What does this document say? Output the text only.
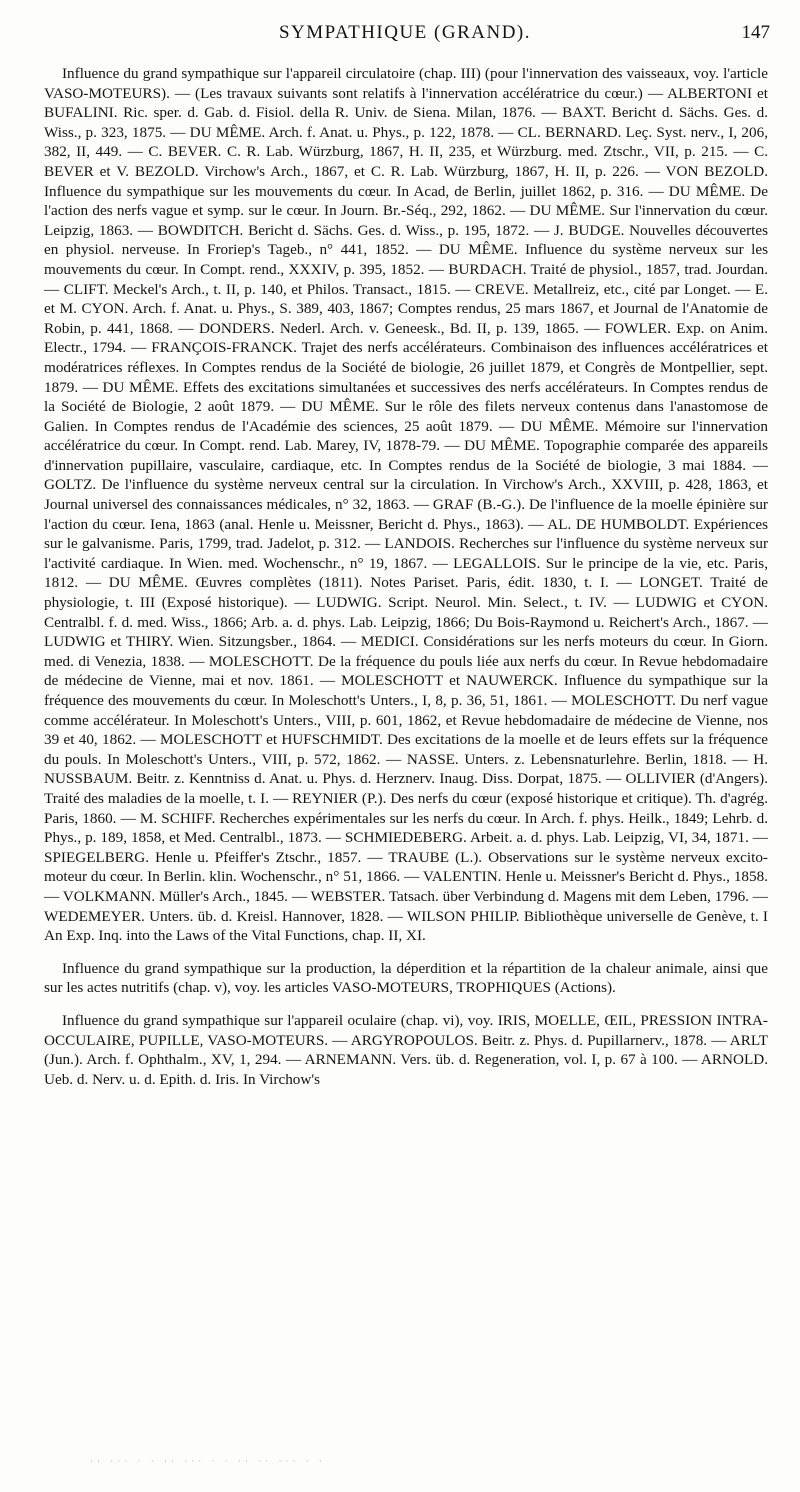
SYMPATHIQUE (GRAND).	147

Influence du grand sympathique sur l'appareil circulatoire (chap. III) (pour l'innervation des vaisseaux, voy. l'article VASO-MOTEURS). — (Les travaux suivants sont relatifs à l'innervation accélératrice du cœur.) — ALBERTONI et BUFALINI. Ric. sper. d. Gab. d. Fisiol. della R. Univ. de Siena. Milan, 1876. — BAXT. Bericht d. Sächs. Ges. d. Wiss., p. 323, 1875. — DU MÊME. Arch. f. Anat. u. Phys., p. 122, 1878. — CL. BERNARD. Leç. Syst. nerv., I, 206, 382, II, 449. — C. BEVER. C. R. Lab. Würzburg, 1867, H. II, 235, et Würzburg. med. Ztschr., VII, p. 215. — C. BEVER et V. BEZOLD. Virchow's Arch., 1867, et C. R. Lab. Würzburg, 1867, H. II, p. 226. — VON BEZOLD. Influence du sympathique sur les mouvements du cœur. In Acad, de Berlin, juillet 1862, p. 316. — DU MÊME. De l'action des nerfs vague et symp. sur le cœur. In Journ. Br.-Séq., 292, 1862. — DU MÊME. Sur l'innervation du cœur. Leipzig, 1863. — BOWDITCH. Bericht d. Sächs. Ges. d. Wiss., p. 195, 1872. — J. BUDGE. Nouvelles découvertes en physiol. nerveuse. In Froriep's Tageb., n° 441, 1852. — DU MÊME. Influence du système nerveux sur les mouvements du cœur. In Compt. rend., XXXIV, p. 395, 1852. — BURDACH. Traité de physiol., 1857, trad. Jourdan. — CLIFT. Meckel's Arch., t. II, p. 140, et Philos. Transact., 1815. — CREVE. Metallreiz, etc., cité par Longet. — E. et M. CYON. Arch. f. Anat. u. Phys., S. 389, 403, 1867; Comptes rendus, 25 mars 1867, et Journal de l'Anatomie de Robin, p. 441, 1868. — DONDERS. Nederl. Arch. v. Geneesk., Bd. II, p. 139, 1865. — FOWLER. Exp. on Anim. Electr., 1794. — FRANÇOIS-FRANCK. Trajet des nerfs accélérateurs. Combinaison des influences accélératrices et modératrices réflexes. In Comptes rendus de la Société de biologie, 26 juillet 1879, et Congrès de Montpellier, sept. 1879. — DU MÊME. Effets des excitations simultanées et successives des nerfs accélérateurs. In Comptes rendus de la Société de Biologie, 2 août 1879. — DU MÊME. Sur le rôle des filets nerveux contenus dans l'anastomose de Galien. In Comptes rendus de l'Académie des sciences, 25 août 1879. — DU MÊME. Mémoire sur l'innervation accélératrice du cœur. In Compt. rend. Lab. Marey, IV, 1878-79. — DU MÊME. Topographie comparée des appareils d'innervation pupillaire, vasculaire, cardiaque, etc. In Comptes rendus de la Société de biologie, 3 mai 1884. — GOLTZ. De l'influence du système nerveux central sur la circulation. In Virchow's Arch., XXVIII, p. 428, 1863, et Journal universel des connaissances médicales, n° 32, 1863. — GRAF (B.-G.). De l'influence de la moelle épinière sur l'action du cœur. Iena, 1863 (anal. Henle u. Meissner, Bericht d. Phys., 1863). — AL. DE HUMBOLDT. Expériences sur le galvanisme. Paris, 1799, trad. Jadelot, p. 312. — LANDOIS. Recherches sur l'influence du système nerveux sur l'activité cardiaque. In Wien. med. Wochenschr., n° 19, 1867. — LEGALLOIS. Sur le principe de la vie, etc. Paris, 1812. — DU MÊME. Œuvres complètes (1811). Notes Pariset. Paris, édit. 1830, t. I. — LONGET. Traité de physiologie, t. III (Exposé historique). — LUDWIG. Script. Neurol. Min. Select., t. IV. — LUDWIG et CYON. Centralbl. f. d. med. Wiss., 1866; Arb. a. d. phys. Lab. Leipzig, 1866; Du Bois-Raymond u. Reichert's Arch., 1867. — LUDWIG et THIRY. Wien. Sitzungsber., 1864. — MEDICI. Considérations sur les nerfs moteurs du cœur. In Giorn. med. di Venezia, 1838. — MOLESCHOTT. De la fréquence du pouls liée aux nerfs du cœur. In Revue hebdomadaire de médecine de Vienne, mai et nov. 1861. — MOLESCHOTT et NAUWERCK. Influence du sympathique sur la fréquence des mouvements du cœur. In Moleschott's Unters., I, 8, p. 36, 51, 1861. — MOLESCHOTT. Du nerf vague comme accélérateur. In Moleschott's Unters., VIII, p. 601, 1862, et Revue hebdomadaire de médecine de Vienne, nos 39 et 40, 1862. — MOLESCHOTT et HUFSCHMIDT. Des excitations de la moelle et de leurs effets sur la fréquence du pouls. In Moleschott's Unters., VIII, p. 572, 1862. — NASSE. Unters. z. Lebensnaturlehre. Berlin, 1818. — H. NUSSBAUM. Beitr. z. Kenntniss d. Anat. u. Phys. d. Herznerv. Inaug. Diss. Dorpat, 1875. — OLLIVIER (d'Angers). Traité des maladies de la moelle, t. I. — REYNIER (P.). Des nerfs du cœur (exposé historique et critique). Th. d'agrég. Paris, 1860. — M. SCHIFF. Recherches expérimentales sur les nerfs du cœur. In Arch. f. phys. Heilk., 1849; Lehrb. d. Phys., p. 189, 1858, et Med. Centralbl., 1873. — SCHMIEDEBERG. Arbeit. a. d. phys. Lab. Leipzig, VI, 34, 1871. — SPIEGELBERG. Henle u. Pfeiffer's Ztschr., 1857. — TRAUBE (L.). Observations sur le système nerveux excito-moteur du cœur. In Berlin. klin. Wochenschr., n° 51, 1866. — VALENTIN. Henle u. Meissner's Bericht d. Phys., 1858. — VOLKMANN. Müller's Arch., 1845. — WEBSTER. Tatsach. über Verbindung d. Magens mit dem Leben, 1796. — WEDEMEYER. Unters. üb. d. Kreisl. Hannover, 1828. — WILSON PHILIP. Bibliothèque universelle de Genève, t. I An Exp. Inq. into the Laws of the Vital Functions, chap. II, XI.

Influence du grand sympathique sur la production, la déperdition et la répartition de la chaleur animale, ainsi que sur les actes nutritifs (chap. v), voy. les articles VASO-MOTEURS, TROPHIQUES (Actions).

Influence du grand sympathique sur l'appareil oculaire (chap. vi), voy. IRIS, MOELLE, ŒIL, PRESSION INTRA-OCCULAIRE, PUPILLE, VASO-MOTEURS. — ARGYROPOULOS. Beitr. z. Phys. d. Pupillarnerv., 1878. — ARLT (Jun.). Arch. f. Ophthalm., XV, 1, 294. — ARNEMANN. Vers. üb. d. Regeneration, vol. I, p. 67 à 100. — ARNOLD. Ueb. d. Nerv. u. d. Epith. d. Iris. In Virchow's

·· ··· · · ·· ··· · · ·· ·· ··· · ·
